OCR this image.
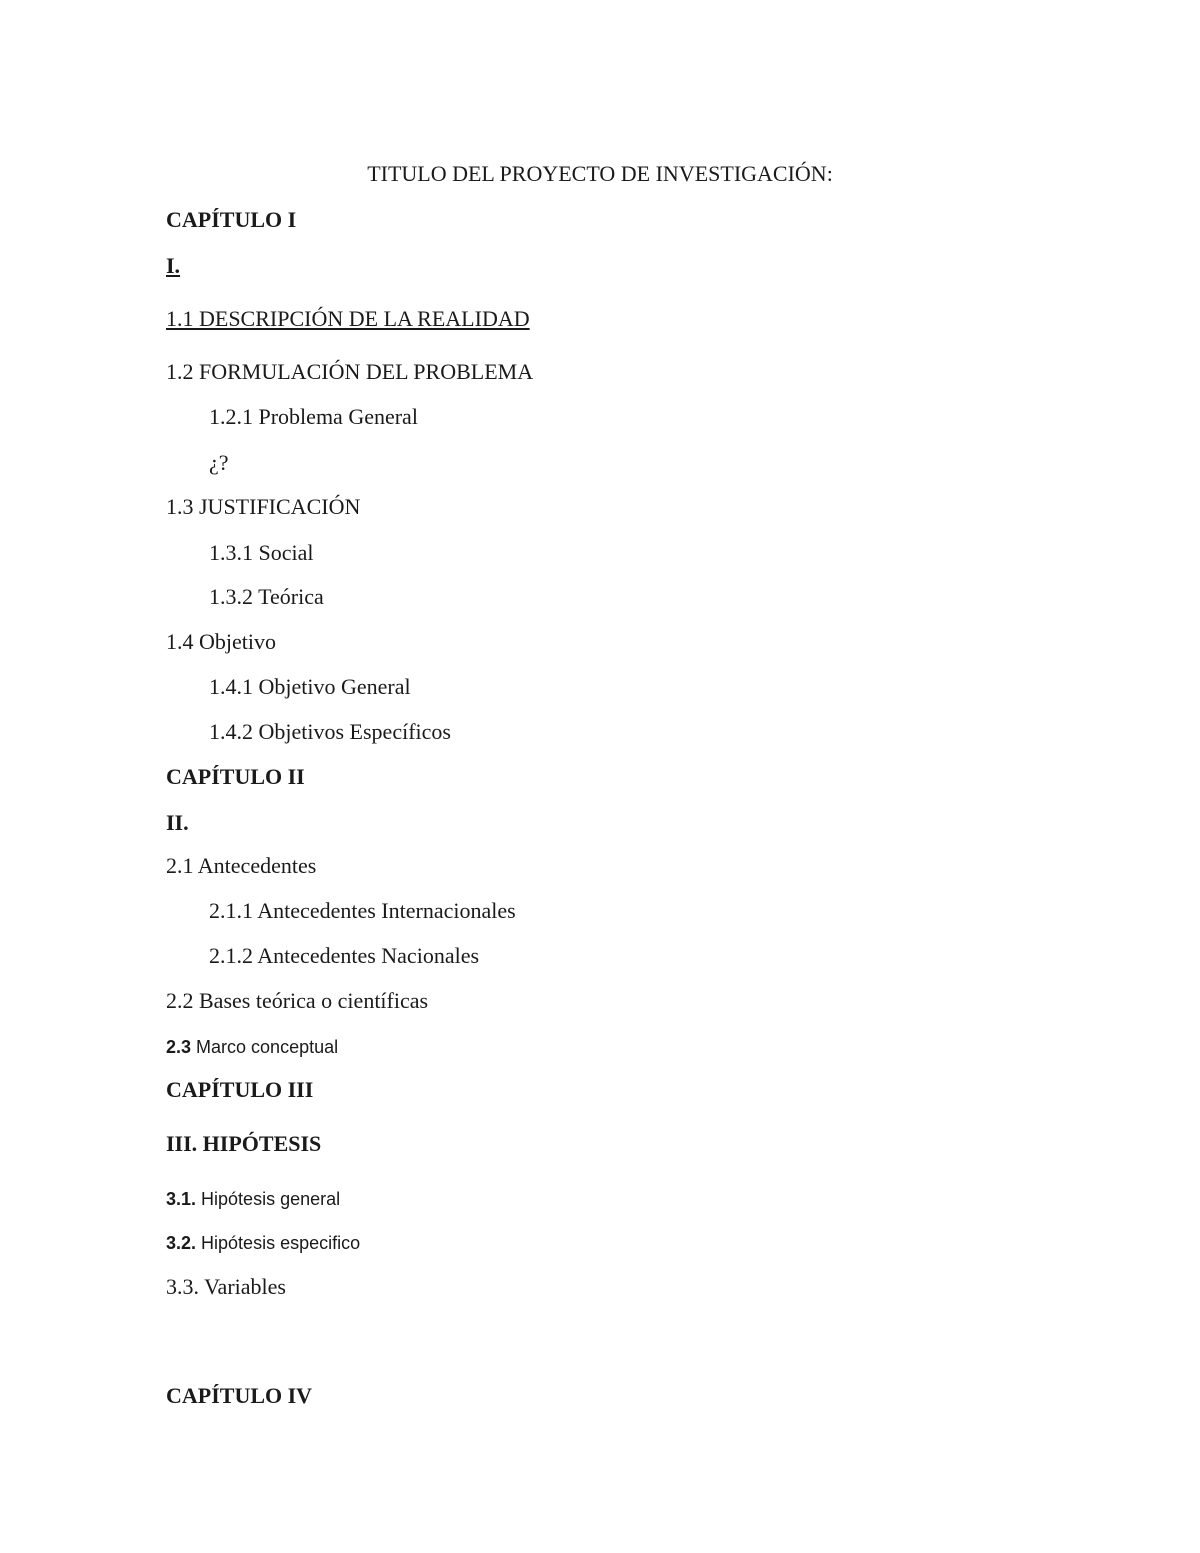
TITULO DEL PROYECTO DE INVESTIGACIÓN:
CAPÍTULO I
I.
1.1 DESCRIPCIÓN DE LA REALIDAD
1.2 FORMULACIÓN DEL PROBLEMA
1.2.1 Problema General
¿?
1.3 JUSTIFICACIÓN
1.3.1 Social
1.3.2 Teórica
1.4 Objetivo
1.4.1 Objetivo General
1.4.2 Objetivos Específicos
CAPÍTULO II
II.
2.1 Antecedentes
2.1.1 Antecedentes Internacionales
2.1.2 Antecedentes Nacionales
2.2 Bases teórica o científicas
2.3 Marco conceptual
CAPÍTULO III
III. HIPÓTESIS
3.1. Hipótesis general
3.2. Hipótesis especifico
3.3. Variables
CAPÍTULO IV
